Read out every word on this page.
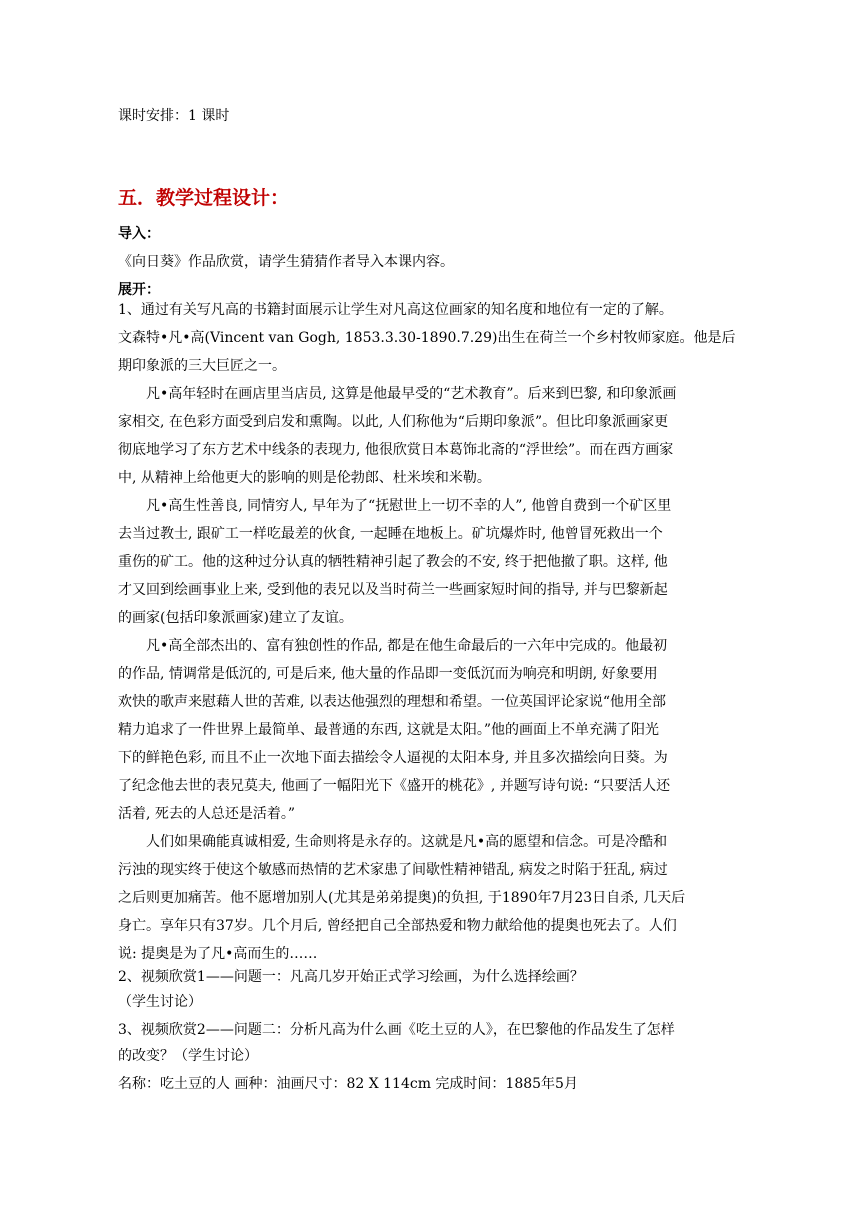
课时安排：1 课时
五．教学过程设计：
导入：
《向日葵》作品欣赏，请学生猜猜作者导入本课内容。
展开：
1、通过有关写凡高的书籍封面展示让学生对凡高这位画家的知名度和地位有一定的了解。
文森特•凡•高(Vincent van Gogh, 1853.3.30-1890.7.29)出生在荷兰一个乡村牧师家庭。他是后
期印象派的三大巨匠之一。
凡•高年轻时在画店里当店员, 这算是他最早受的“艺术教育”。后来到巴黎, 和印象派画
家相交, 在色彩方面受到启发和熏陶。以此, 人们称他为“后期印象派”。但比印象派画家更
彻底地学习了东方艺术中线条的表现力, 他很欣赏日本葛饰北斋的“浮世绘”。而在西方画家
中, 从精神上给他更大的影响的则是伦勃郎、杜米埃和米勒。
凡•高生性善良, 同情穷人, 早年为了“抚慰世上一切不幸的人”, 他曾自费到一个矿区里
去当过教士, 跟矿工一样吃最差的伙食, 一起睡在地板上。矿坑爆炸时, 他曾冒死救出一个
重伤的矿工。他的这种过分认真的牺牲精神引起了教会的不安, 终于把他撤了职。这样, 他
才又回到绘画事业上来, 受到他的表兄以及当时荷兰一些画家短时间的指导, 并与巴黎新起
的画家(包括印象派画家)建立了友谊。
凡•高全部杰出的、富有独创性的作品, 都是在他生命最后的一六年中完成的。他最初
的作品, 情调常是低沉的, 可是后来, 他大量的作品即一变低沉而为响亮和明朗, 好象要用
欢快的歌声来慰藉人世的苦难, 以表达他强烈的理想和希望。一位英国评论家说“他用全部
精力追求了一件世界上最简单、最普通的东西, 这就是太阳。”他的画面上不单充满了阳光
下的鲜艳色彩, 而且不止一次地下面去描绘令人逼视的太阳本身, 并且多次描绘向日葵。为
了纪念他去世的表兄莫夫, 他画了一幅阳光下《盛开的桃花》, 并题写诗句说: “只要活人还
活着, 死去的人总还是活着。”
人们如果确能真诚相爱, 生命则将是永存的。这就是凡•高的愿望和信念。可是冷酷和
污浊的现实终于使这个敏感而热情的艺术家患了间歇性精神错乱, 病发之时陷于狂乱, 病过
之后则更加痛苦。他不愿增加别人(尤其是弟弟提奥)的负担, 于1890年7月23日自杀, 几天后
身亡。享年只有37岁。几个月后, 曾经把自己全部热爱和物力献给他的提奥也死去了。人们
说: 提奥是为了凡•高而生的……
2、视频欣赏1——问题一：凡高几岁开始正式学习绘画，为什么选择绘画？
（学生讨论）
3、视频欣赏2——问题二：分析凡高为什么画《吃土豆的人》，在巴黎他的作品发生了怎样
的改变？（学生讨论）
名称：吃土豆的人 画种：油画尺寸：82 X 114cm 完成时间：1885年5月
